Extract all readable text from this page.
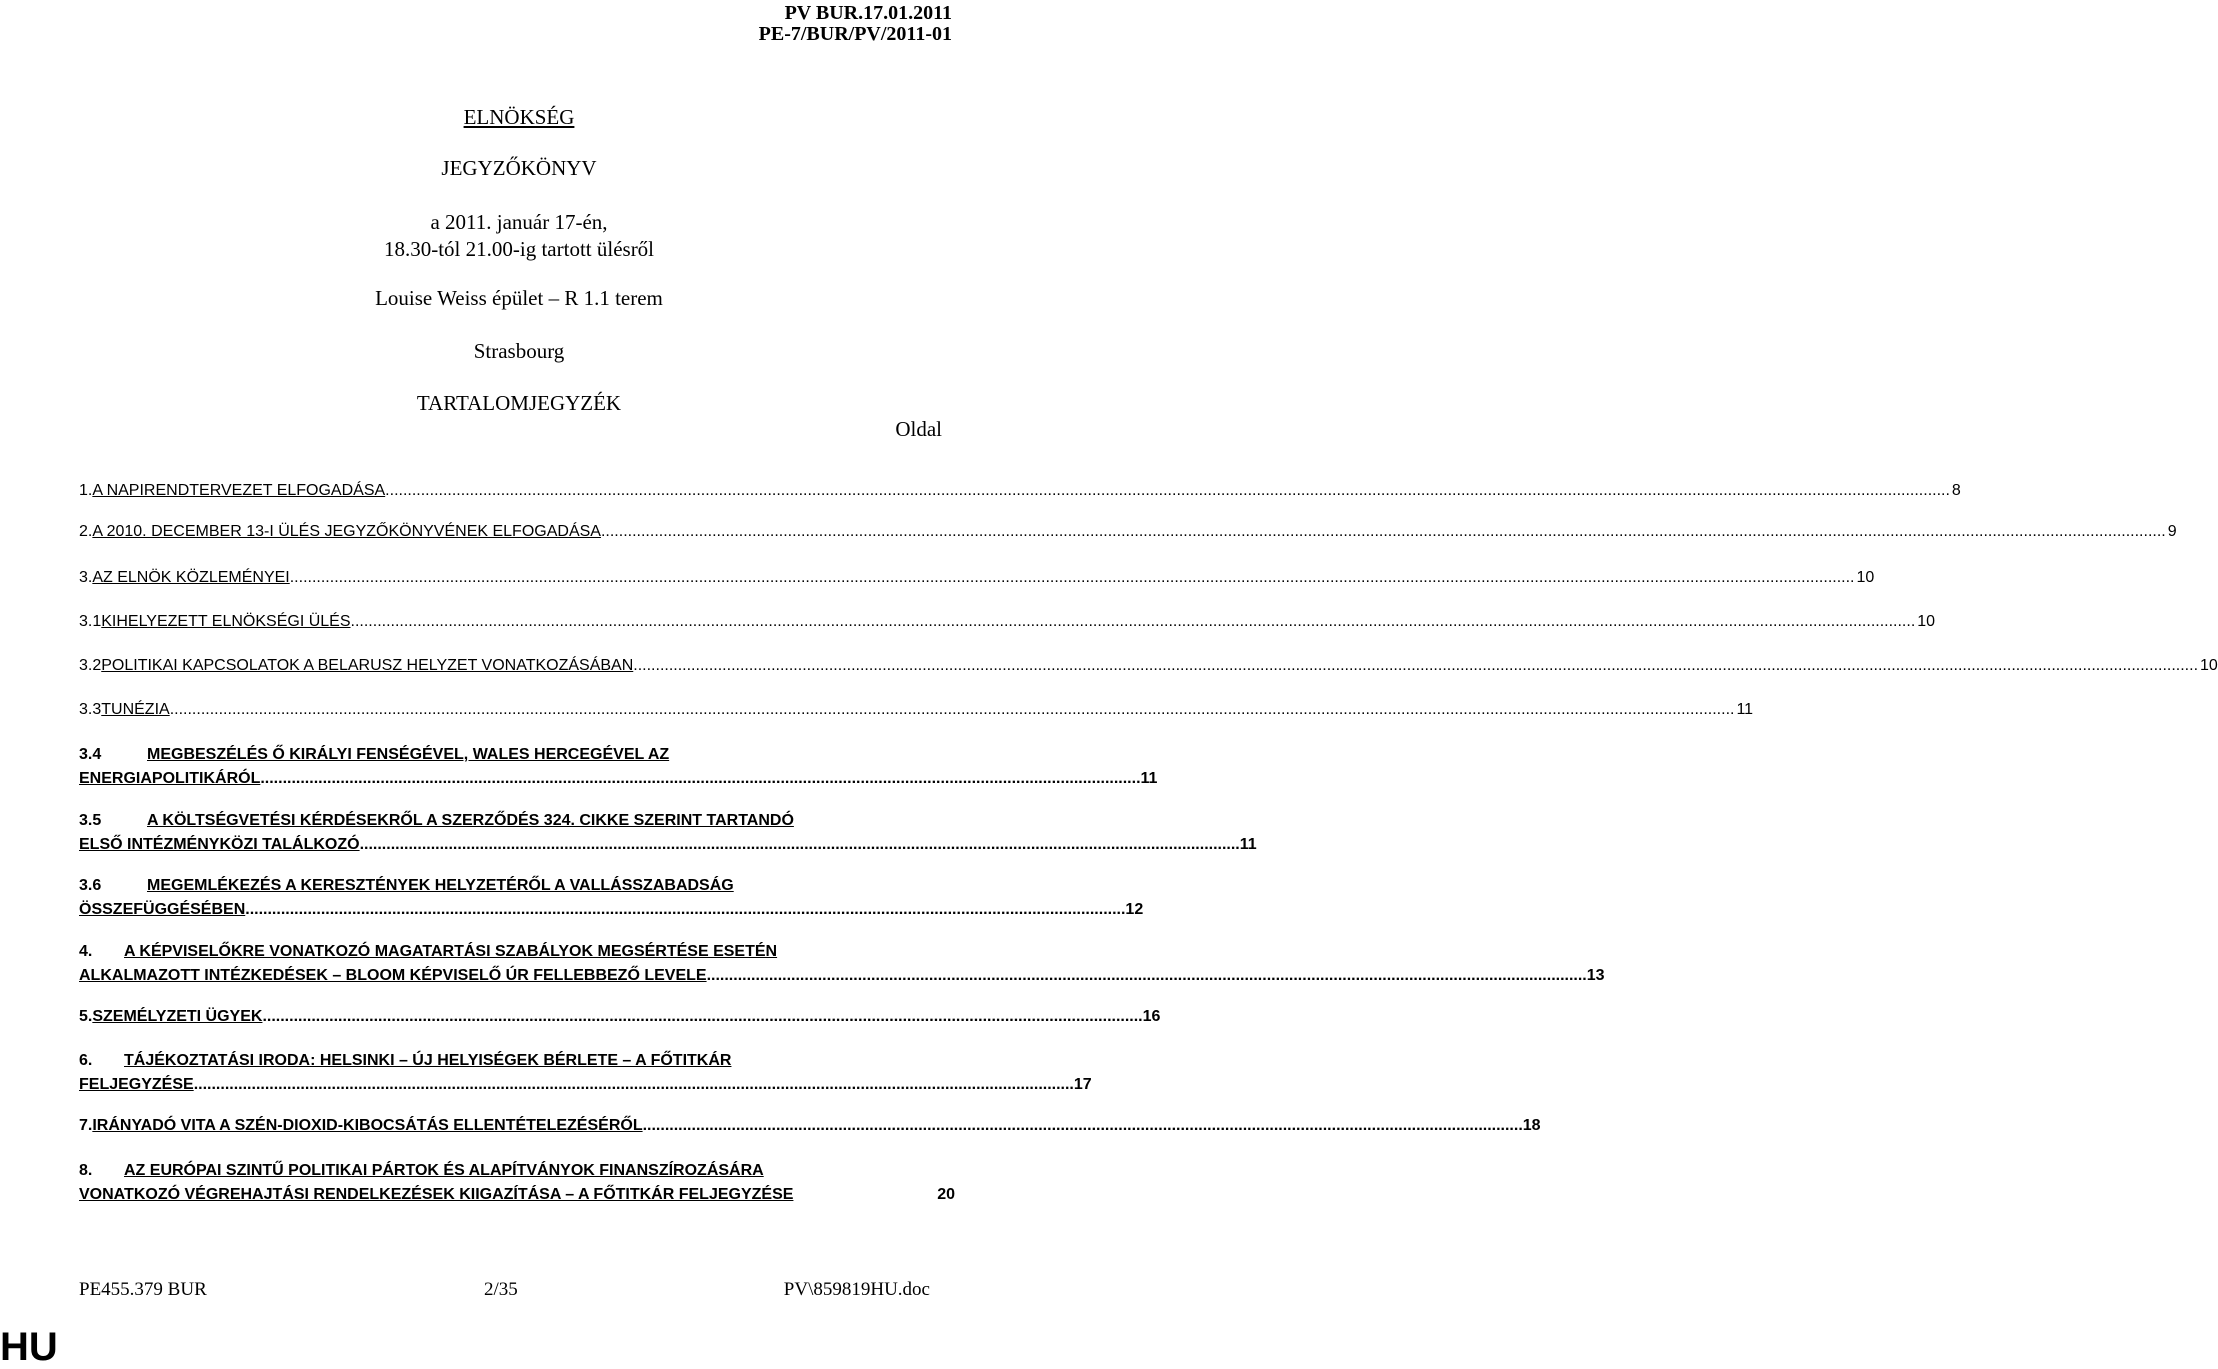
PV BUR.17.01.2011
PE-7/BUR/PV/2011-01
ELNÖKSÉG
JEGYZŐKÖNYV
a 2011. január 17-én,
18.30-tól 21.00-ig tartott ülésről
Louise Weiss épület – R 1.1 terem
Strasbourg
TARTALOMJEGYZÉK
Oldal
1. A NAPIRENDTERVEZET ELFOGADÁSA .....	8
2. A 2010. DECEMBER 13-I ÜLÉS JEGYZŐKÖNYVÉNEK ELFOGADÁSA .....	9
3. AZ ELNÖK KÖZLEMÉNYEI .....	10
3.1 KIHELYEZETT ELNÖKSÉGI ÜLÉS .....	10
3.2 POLITIKAI KAPCSOLATOK A BELARUSZ HELYZET VONATKOZÁSÁBAN .....	10
3.3 TUNÉZIA .....	11
3.4	MEGBESZÉLÉS Ő KIRÁLYI FENSÉGÉVEL, WALES HERCEGÉVEL AZ
ENERGIAPOLITIKÁRÓL ...................................................................................................................................................................................................... 11
3.5	A KÖLTSÉGVETÉSI KÉRDÉSEKRŐL A SZERZŐDÉS 324. CIKKE SZERINT TARTANDÓ
ELSŐ INTÉZMÉNYKÖZI TALÁLKOZÓ ...................................................................................................................................................................................................... 11
3.6	MEGEMLÉKEZÉS A KERESZTÉNYEK HELYZETÉRŐL A VALLÁSSZABADSÁG
ÖSSZEFÜGGÉSÉBEN ...................................................................................................................................................................................................... 12
4. A KÉPVISELŐKRE VONATKOZÓ MAGATARTÁSI SZABÁLYOK MEGSÉRTÉSE ESETÉN
ALKALMAZOTT INTÉZKEDÉSEK – BLOOM KÉPVISELŐ ÚR FELLEBBEZŐ LEVELE ...................................................................................................................................................................................................... 13
5. SZEMÉLYZETI ÜGYEK ...................................................................................................................................................................................................... 16
6. TÁJÉKOZTATÁSI IRODA: HELSINKI – ÚJ HELYISÉGEK BÉRLETE – A FŐTITKÁR
FELJEGYZÉSE ...................................................................................................................................................................................................... 17
7. IRÁNYADÓ VITA A SZÉN-DIOXID-KIBOCSÁTÁS ELLENTÉTELEZÉSÉRŐL ...................................................................................................................................................................................................... 18
8. AZ EURÓPAI SZINTŰ POLITIKAI PÁRTOK ÉS ALAPÍTVÁNYOK FINANSZÍROZÁSÁRA
VONATKOZÓ VÉGREHAJTÁSI RENDELKEZÉSEK KIIGAZÍTÁSA – A FŐTITKÁR FELJEGYZÉSE	20
PE455.379 BUR	2/35	PV\859819HU.doc
HU
